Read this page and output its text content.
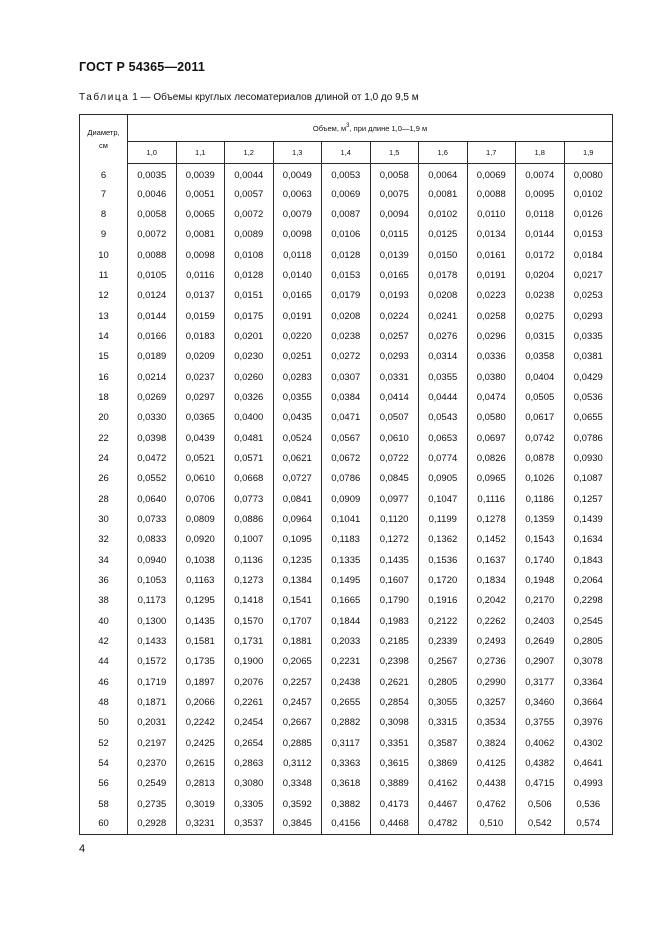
ГОСТ Р 54365—2011
Таблица 1 — Объемы круглых лесоматериалов длиной от 1,0 до 9,5 м
Диаметр,
см	Объем, $м^3$, при длине 1,0—1,9 м									
	1,0	1,1	1,2	1,3	1,4	1,5	1,6	1,7	1,8	1,9
6	0,0035	0,0039	0,0044	0,0049	0,0053	0,0058	0,0064	0,0069	0,0074	0,0080
7	0,0046	0,0051	0,0057	0,0063	0,0069	0,0075	0,0081	0,0088	0,0095	0,0102
8	0,0058	0,0065	0,0072	0,0079	0,0087	0,0094	0,0102	0,0110	0,0118	0,0126
9	0,0072	0,0081	0,0089	0,0098	0,0106	0,0115	0,0125	0,0134	0,0144	0,0153
10	0,0088	0,0098	0,0108	0,0118	0,0128	0,0139	0,0150	0,0161	0,0172	0,0184
11	0,0105	0,0116	0,0128	0,0140	0,0153	0,0165	0,0178	0,0191	0,0204	0,0217
12	0,0124	0,0137	0,0151	0,0165	0,0179	0,0193	0,0208	0,0223	0,0238	0,0253
13	0,0144	0,0159	0,0175	0,0191	0,0208	0,0224	0,0241	0,0258	0,0275	0,0293
14	0,0166	0,0183	0,0201	0,0220	0,0238	0,0257	0,0276	0,0296	0,0315	0,0335
15	0,0189	0,0209	0,0230	0,0251	0,0272	0,0293	0,0314	0,0336	0,0358	0,0381
16	0,0214	0,0237	0,0260	0,0283	0,0307	0,0331	0,0355	0,0380	0,0404	0,0429
18	0,0269	0,0297	0,0326	0,0355	0,0384	0,0414	0,0444	0,0474	0,0505	0,0536
20	0,0330	0,0365	0,0400	0,0435	0,0471	0,0507	0,0543	0,0580	0,0617	0,0655
22	0,0398	0,0439	0,0481	0,0524	0,0567	0,0610	0,0653	0,0697	0,0742	0,0786
24	0,0472	0,0521	0,0571	0,0621	0,0672	0,0722	0,0774	0,0826	0,0878	0,0930
26	0,0552	0,0610	0,0668	0,0727	0,0786	0,0845	0,0905	0,0965	0,1026	0,1087
28	0,0640	0,0706	0,0773	0,0841	0,0909	0,0977	0,1047	0,1116	0,1186	0,1257
30	0,0733	0,0809	0,0886	0,0964	0,1041	0,1120	0,1199	0,1278	0,1359	0,1439
32	0,0833	0,0920	0,1007	0,1095	0,1183	0,1272	0,1362	0,1452	0,1543	0,1634
34	0,0940	0,1038	0,1136	0,1235	0,1335	0,1435	0,1536	0,1637	0,1740	0,1843
36	0,1053	0,1163	0,1273	0,1384	0,1495	0,1607	0,1720	0,1834	0,1948	0,2064
38	0,1173	0,1295	0,1418	0,1541	0,1665	0,1790	0,1916	0,2042	0,2170	0,2298
40	0,1300	0,1435	0,1570	0,1707	0,1844	0,1983	0,2122	0,2262	0,2403	0,2545
42	0,1433	0,1581	0,1731	0,1881	0,2033	0,2185	0,2339	0,2493	0,2649	0,2805
44	0,1572	0,1735	0,1900	0,2065	0,2231	0,2398	0,2567	0,2736	0,2907	0,3078
46	0,1719	0,1897	0,2076	0,2257	0,2438	0,2621	0,2805	0,2990	0,3177	0,3364
48	0,1871	0,2066	0,2261	0,2457	0,2655	0,2854	0,3055	0,3257	0,3460	0,3664
50	0,2031	0,2242	0,2454	0,2667	0,2882	0,3098	0,3315	0,3534	0,3755	0,3976
52	0,2197	0,2425	0,2654	0,2885	0,3117	0,3351	0,3587	0,3824	0,4062	0,4302
54	0,2370	0,2615	0,2863	0,3112	0,3363	0,3615	0,3869	0,4125	0,4382	0,4641
56	0,2549	0,2813	0,3080	0,3348	0,3618	0,3889	0,4162	0,4438	0,4715	0,4993
58	0,2735	0,3019	0,3305	0,3592	0,3882	0,4173	0,4467	0,4762	0,506	0,536
60	0,2928	0,3231	0,3537	0,3845	0,4156	0,4468	0,4782	0,510	0,542	0,574
4
